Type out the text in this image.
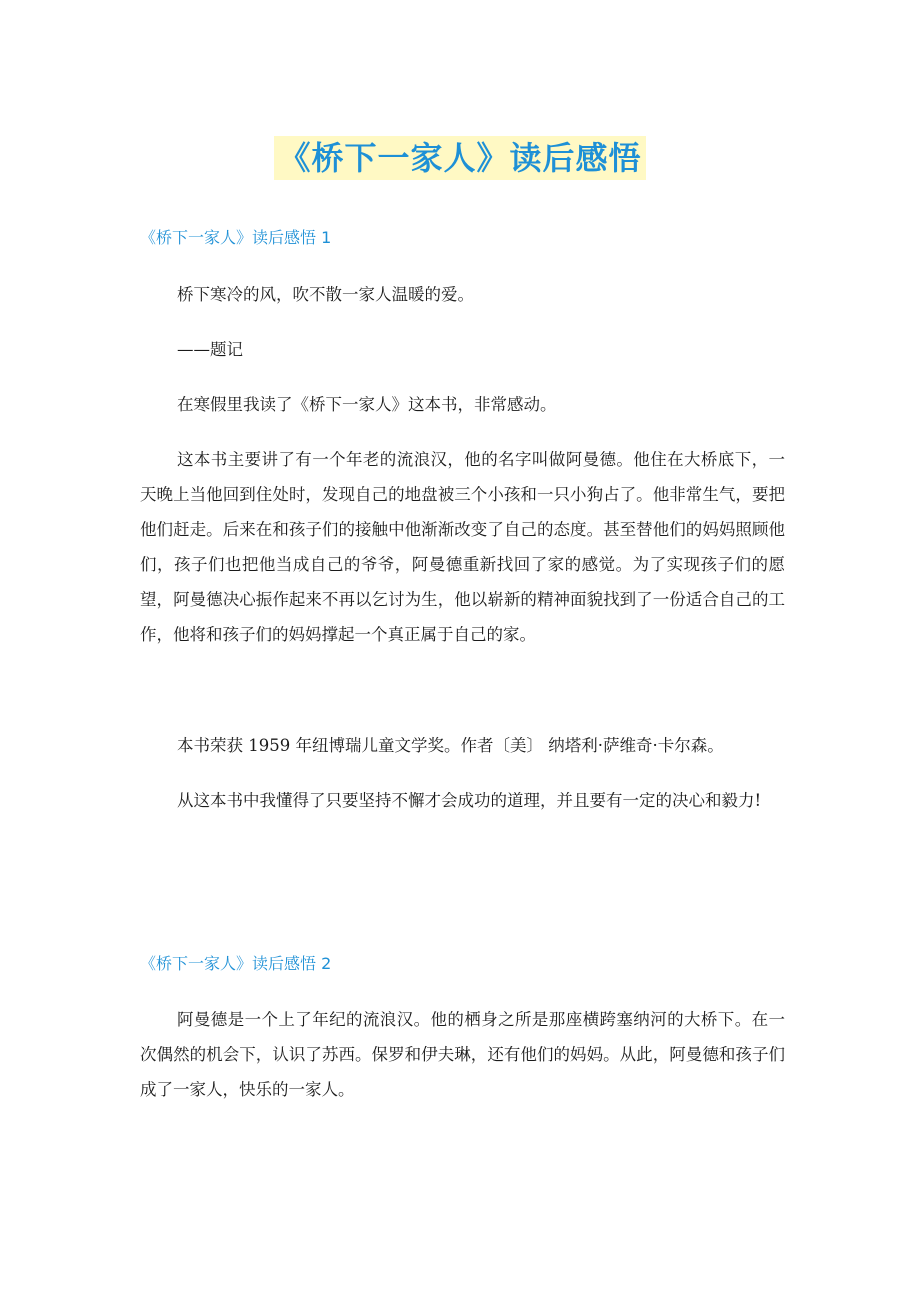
《桥下一家人》读后感悟
《桥下一家人》读后感悟 1

桥下寒冷的风，吹不散一家人温暖的爱。

——题记

在寒假里我读了《桥下一家人》这本书，非常感动。

这本书主要讲了有一个年老的流浪汉，他的名字叫做阿曼德。他住在大桥底下，一天晚上当他回到住处时，发现自己的地盘被三个小孩和一只小狗占了。他非常生气，要把他们赶走。后来在和孩子们的接触中他渐渐改变了自己的态度。甚至替他们的妈妈照顾他们，孩子们也把他当成自己的爷爷，阿曼德重新找回了家的感觉。为了实现孩子们的愿望，阿曼德决心振作起来不再以乞讨为生，他以崭新的精神面貌找到了一份适合自己的工作，他将和孩子们的妈妈撑起一个真正属于自己的家。

本书荣获 1959 年纽博瑞儿童文学奖。作者〔美〕 纳塔利·萨维奇·卡尔森。

从这本书中我懂得了只要坚持不懈才会成功的道理，并且要有一定的决心和毅力!

《桥下一家人》读后感悟 2

阿曼德是一个上了年纪的流浪汉。他的栖身之所是那座横跨塞纳河的大桥下。在一次偶然的机会下，认识了苏西。保罗和伊夫琳，还有他们的妈妈。从此，阿曼德和孩子们成了一家人，快乐的一家人。
